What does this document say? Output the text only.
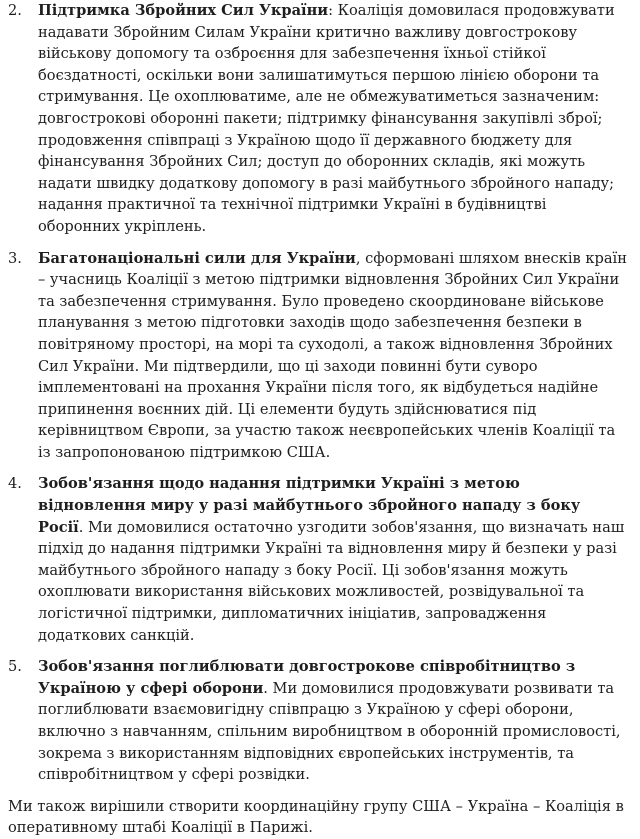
2.	Підтримка Збройних Сил України: Коаліція домовилася продовжувати надавати Збройним Силам України критично важливу довгострокову військову допомогу та озброєння для забезпечення їхньої стійкої боєздатності, оскільки вони залишатимуться першою лінією оборони та стримування. Це охоплюватиме, але не обмежуватиметься зазначеним: довгострокові оборонні пакети; підтримку фінансування закупівлі зброї; продовження співпраці з Україною щодо її державного бюджету для фінансування Збройних Сил; доступ до оборонних складів, які можуть надати швидку додаткову допомогу в разі майбутнього збройного нападу; надання практичної та технічної підтримки Україні в будівництві оборонних укріплень.
3.	Багатонаціональні сили для України, сформовані шляхом внесків країн – учасниць Коаліції з метою підтримки відновлення Збройних Сил України та забезпечення стримування. Було проведено скоординоване військове планування з метою підготовки заходів щодо забезпечення безпеки в повітряному просторі, на морі та суходолі, а також відновлення Збройних Сил України. Ми підтвердили, що ці заходи повинні бути суворо імплементовані на прохання України після того, як відбудеться надійне припинення воєнних дій. Ці елементи будуть здійснюватися під керівництвом Європи, за участю також неєвропейських членів Коаліції та із запропонованою підтримкою США.
4.	Зобов'язання щодо надання підтримки Україні з метою відновлення миру у разі майбутнього збройного нападу з боку Росії. Ми домовилися остаточно узгодити зобов'язання, що визначать наш підхід до надання підтримки Україні та відновлення миру й безпеки у разі майбутнього збройного нападу з боку Росії. Ці зобов'язання можуть охоплювати використання військових можливостей, розвідувальної та логістичної підтримки, дипломатичних ініціатив, запровадження додаткових санкцій.
5.	Зобов'язання поглиблювати довгострокове співробітництво з Україною у сфері оборони. Ми домовилися продовжувати розвивати та поглиблювати взаємовигідну співпрацю з Україною у сфері оборони, включно з навчанням, спільним виробництвом в оборонній промисловості, зокрема з використанням відповідних європейських інструментів, та співробітництвом у сфері розвідки.

Ми також вирішили створити координаційну групу США – Україна – Коаліція в оперативному штабі Коаліції в Парижі.
